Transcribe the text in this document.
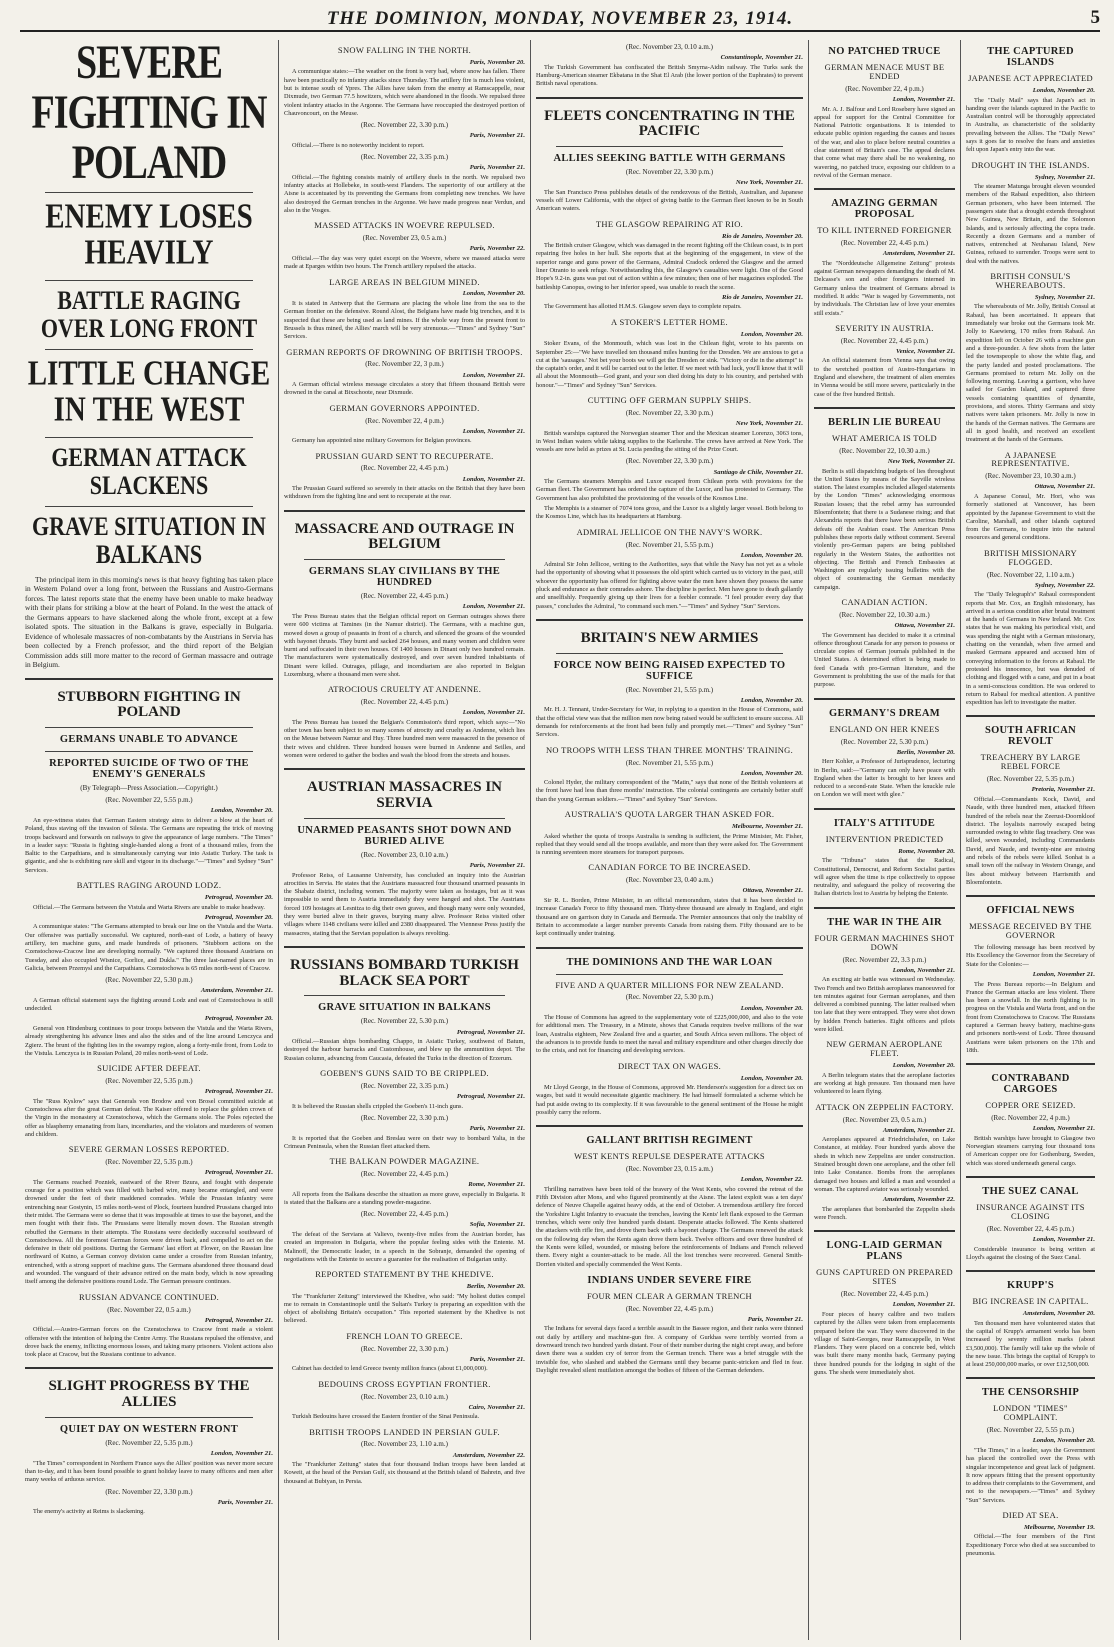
THE DOMINION, MONDAY, NOVEMBER 23, 1914.	5
SEVERE FIGHTING IN POLAND
ENEMY LOSES HEAVILY
BATTLE RAGING OVER LONG FRONT
LITTLE CHANGE IN THE WEST
GERMAN ATTACK SLACKENS
GRAVE SITUATION IN BALKANS

The principal item in this morning's news is that heavy fighting has taken place in Western Poland over a long front, between the Russians and Austro-Germans forces. The latest reports state that the enemy have been unable to make headway with their plans for striking a blow at the heart of Poland. In the west the attack of the Germans appears to have slackened along the whole front, except at a few isolated spots. The situation in the Balkans is grave, especially in Bulgaria. Evidence of wholesale massacres of non-combatants by the Austrians in Servia has been collected by a French professor, and the third report of the Belgian Commission adds still more matter to the record of German massacre and outrage in Belgium.

STUBBORN FIGHTING IN POLAND
GERMANS UNABLE TO ADVANCE
REPORTED SUICIDE OF TWO OF THE ENEMY'S GENERALS
(By Telegraph—Press Association.—Copyright.)
(Rec. November 22, 5.55 p.m.)
London, November 20.

An eye-witness states that German Eastern strategy aims to deliver a blow at the heart of Poland, thus staving off the invasion of Silesia. The Germans are repeating the trick of moving troops backward and forwards on railways to give the appearance of large numbers. "The Times" in a leader says: "Russia is fighting single-handed along a front of a thousand miles, from the Baltic to the Carpathians, and is simultaneously carrying war into Asiatic Turkey. The task is gigantic, and she is exhibiting rare skill and vigour in its discharge."—"Times" and Sydney "Sun" Services.

BATTLES RAGING AROUND LODZ.
Petrograd, November 20.

Official.—The Germans between the Vistula and Warta Rivers are unable to make headway.

Petrograd, November 20.

A communique states: "The Germans attempted to break our line on the Vistula and the Warta. Our offensive was partially successful. We captured, north-east of Lodz, a battery of heavy artillery, ten machine guns, and made hundreds of prisoners. "Stubborn actions on the Czenstochowa-Cracow line are developing normally. "We captured three thousand Austrians on Tuesday, and also occupied Wisnice, Gorlice, and Dukla." The three last-named places are in Galicia, between Przemysl and the Carpathians. Czenstochowa is 65 miles north-west of Cracow.

(Rec. November 22, 5.30 p.m.)
Amsterdam, November 21.

A German official statement says the fighting around Lodz and east of Czenstochowa is still undecided.

Petrograd, November 20.

General von Hindenburg continues to pour troops between the Vistula and the Warta Rivers, already strengthening his advance lines and also the sides and of the line around Lenczyca and Zgierz. The brunt of the fighting lies in the swampy region, along a forty-mile front, from Lodz to the Vistula. Lenczyca is in Russian Poland, 20 miles north-west of Lodz.

SUICIDE AFTER DEFEAT.
(Rec. November 22, 5.35 p.m.)
Petrograd, November 21.

The "Russ Kyslow" says that Generals von Brodow and von Brosel committed suicide at Czenstochowa after the great German defeat. The Kaiser offered to replace the golden crown of the Virgin in the monastery at Czenstochowa, which the Germans stole. The Poles rejected the offer as blasphemy emanating from liars, incendiaries, and the violators and murderers of women and children.

SEVERE GERMAN LOSSES REPORTED.
(Rec. November 22, 5.35 p.m.)
Petrograd, November 21.

The Germans reached Pozniek, eastward of the River Bzura, and fought with desperate courage for a position which was filled with barbed wire, many became entangled, and were drowned under the feet of their maddened comrades. While the Prussian infantry were entrenching near Gostynin, 15 miles north-west of Plock, fourteen hundred Prussians charged into their midst. The Germans were so dense that it was impossible at times to use the bayonet, and the men fought with their fists. The Prussians were literally mown down. The Russian strength rebuffed the Germans in their attempts. The Russians were decidedly successful southward of Czenstochowa. All the foremost German forces were driven back, and compelled to act on the defensive in their old positions. During the Germans' last effort at Flower, on the Russian line northward of Kutno, a German convoy division came under a crossfire from Russian infantry, entrenched, with a strong support of machine guns. The Germans abandoned three thousand dead and wounded. The vanguard of their advance retired on the main body, which is now spreading itself among the defensive positions round Lodz. The German pressure continues.

RUSSIAN ADVANCE CONTINUED.
(Rec. November 22, 0.5 a.m.)
Petrograd, November 21.

Official.—Austro-German forces on the Czenstochowa to Cracow front made a violent offensive with the intention of helping the Centre Army. The Russians repulsed the offensive, and drove back the enemy, inflicting enormous losses, and taking many prisoners. Violent actions also took place at Cracow, but the Russians continue to advance.

SLIGHT PROGRESS BY THE ALLIES
QUIET DAY ON WESTERN FRONT
(Rec. November 22, 5.35 p.m.)
London, November 21.

"The Times" correspondent in Northern France says the Allies' position was never more secure than to-day, and it has been found possible to grant holiday leave to many officers and men after many weeks of arduous service.

(Rec. November 22, 3.30 p.m.)
Paris, November 21.

The enemy's activity at Reims is slackening.

SNOW FALLING IN THE NORTH.
Paris, November 20.

A communique states:—The weather on the front is very bad, where snow has fallen. There have been practically no infantry attacks since Thursday. The artillery fire is much less violent, but is intense south of Ypres. The Allies have taken from the enemy at Ramscappelle, near Dixmude, two German 77.5 howitzers, which were abandoned in the floods. We repulsed three violent infantry attacks in the Argonne. The Germans have reoccupied the destroyed portion of Chauvoncourt, on the Meuse.

(Rec. November 22, 3.30 p.m.)
Paris, November 21.

Official.—There is no noteworthy incident to report.

(Rec. November 22, 3.35 p.m.)
Paris, November 21.

Official.—The fighting consists mainly of artillery duels in the north. We repulsed two infantry attacks at Hollebeke, in south-west Flanders. The superiority of our artillery at the Aisne is accentuated by its preventing the Germans from completing new trenches. We have also destroyed the German trenches in the Argonne. We have made progress near Verdun, and also in the Vosges.

MASSED ATTACKS IN WOEVRE REPULSED.
(Rec. November 23, 0.5 a.m.)
Paris, November 22.

Official.—The day was very quiet except on the Woevre, where we massed attacks were made at Eparges within two hours. The French artillery repulsed the attacks.

LARGE AREAS IN BELGIUM MINED.
London, November 20.

It is stated in Antwerp that the Germans are placing the whole line from the sea to the German frontier on the defensive. Round Alost, the Belgians have made big trenches, and it is suspected that these are being used as land mines. If the whole way from the present front to Brussels is thus mined, the Allies' march will be very strenuous.—"Times" and Sydney "Sun" Services.

GERMAN REPORTS OF DROWNING OF BRITISH TROOPS.
(Rec. November 22, 3 p.m.)
London, November 21.

A German official wireless message circulates a story that fifteen thousand British were drowned in the canal at Bixschoote, near Dixmude.

GERMAN GOVERNORS APPOINTED.
(Rec. November 22, 4 p.m.)
London, November 21.

Germany has appointed nine military Governors for Belgian provinces.

PRUSSIAN GUARD SENT TO RECUPERATE.
(Rec. November 22, 4.45 p.m.)
London, November 21.

The Prussian Guard suffered so severely in their attacks on the British that they have been withdrawn from the fighting line and sent to recuperate at the rear.

MASSACRE AND OUTRAGE IN BELGIUM
GERMANS SLAY CIVILIANS BY THE HUNDRED
(Rec. November 22, 4.45 p.m.)
London, November 21.

The Press Bureau states that the Belgian official report on German outrages shows there were 600 victims at Tamines (in the Namur district). The Germans, with a machine gun, mowed down a group of peasants in front of a church, and silenced the groans of the wounded with bayonet thrusts. They burnt and sacked 264 houses, and many women and children were burnt and suffocated in their own houses. Of 1400 houses in Dinant only two hundred remain. The manufacturers were systematically destroyed, and over seven hundred inhabitants of Dinant were killed. Outrages, pillage, and incendiarism are also reported in Belgian Luxemburg, where a thousand men were shot.

ATROCIOUS CRUELTY AT ANDENNE.
(Rec. November 22, 4.45 p.m.)
London, November 21.

The Press Bureau has issued the Belgian's Commission's third report, which says:—"No other town has been subject to so many scenes of atrocity and cruelty as Andenne, which lies on the Meuse between Namur and Huy. Three hundred men were massacred in the presence of their wives and children. Three hundred houses were burned in Andenne and Seilles, and women were ordered to gather the bodies and wash the blood from the streets and houses.

AUSTRIAN MASSACRES IN SERVIA
UNARMED PEASANTS SHOT DOWN AND BURIED ALIVE
(Rec. November 23, 0.10 a.m.)
Paris, November 21.

Professor Reiss, of Lausanne University, has concluded an inquiry into the Austrian atrocities in Servia. He states that the Austrians massacred four thousand unarmed peasants in the Shabatz district, including women. The majority were taken as hostages, but as it was impossible to send them to Austria immediately they were hanged and shot. The Austrians forced 109 hostages at Lesnitza to dig their own graves, and though many were only wounded, they were buried alive in their graves, burying many alive. Professor Reiss visited other villages where 1148 civilians were killed and 2380 disappeared. The Viennese Press justify the massacres, stating that the Servian population is always revolting.

RUSSIANS BOMBARD TURKISH BLACK SEA PORT
GRAVE SITUATION IN BALKANS
(Rec. November 22, 5.30 p.m.)
Petrograd, November 21.

Official.—Russian ships bombarding Chappo, in Asiatic Turkey, southwest of Batum, destroyed the harbour barracks and Customhouse, and blew up the ammunition depot. The Russian column, advancing from Caucasia, defeated the Turks in the direction of Erzerum.

GOEBEN'S GUNS SAID TO BE CRIPPLED.
(Rec. November 22, 3.35 p.m.)
Petrograd, November 21.

It is believed the Russian shells crippled the Goeben's 11-inch guns.

(Rec. November 22, 3.30 p.m.)
Paris, November 21.

It is reported that the Goeben and Breslau were on their way to bombard Yalta, in the Crimean Peninsula, when the Russian fleet attacked them.

THE BALKAN POWDER MAGAZINE.
(Rec. November 22, 4.45 p.m.)
Rome, November 21.

All reports from the Balkans describe the situation as more grave, especially in Bulgaria. It is stated that the Balkans are a standing powder-magazine.

(Rec. November 22, 4.45 p.m.)
Sofia, November 21.

The defeat of the Servians at Valievo, twenty-five miles from the Austrian border, has created an impression in Bulgaria, where the popular feeling sides with the Entente. M. Malinoff, the Democratic leader, in a speech in the Sobranje, demanded the opening of negotiations with the Entente to secure a guarantee for the realisation of Bulgarian unity.

REPORTED STATEMENT BY THE KHEDIVE.
Berlin, November 20.

The "Frankfurter Zeitung" interviewed the Khedive, who said: "My holiest duties compel me to remain in Constantinople until the Sultan's Turkey is preparing an expedition with the object of abolishing Britain's occupation." This reported statement by the Khedive is not believed.

FRENCH LOAN TO GREECE.
(Rec. November 22, 3.30 p.m.)
Paris, November 21.

Cabinet has decided to lend Greece twenty million francs (about £1,000,000).

BEDOUINS CROSS EGYPTIAN FRONTIER.
(Rec. November 23, 0.10 a.m.)
Cairo, November 21.

Turkish Bedouins have crossed the Eastern frontier of the Sinai Peninsula.

BRITISH TROOPS LANDED IN PERSIAN GULF.
(Rec. November 23, 1.10 a.m.)
Amsterdam, November 22.

The "Frankfurter Zeitung" states that four thousand Indian troops have been landed at Koweit, at the head of the Persian Gulf, six thousand at the British island of Bahrein, and five thousand at Bubiyan, in Persia.

(Rec. November 23, 0.10 a.m.)
Constantinople, November 21.

The Turkish Government has confiscated the British Smyrna-Aidin railway. The Turks sank the Hamburg-American steamer Ekbatana in the Shat El Arab (the lower portion of the Euphrates) to prevent British naval operations.

FLEETS CONCENTRATING IN THE PACIFIC
ALLIES SEEKING BATTLE WITH GERMANS
(Rec. November 22, 3.30 p.m.)
New York, November 21.

The San Francisco Press publishes details of the rendezvous of the British, Australian, and Japanese vessels off Lower California, with the object of giving battle to the German fleet known to be in South American waters.

THE GLASGOW REPAIRING AT RIO.
Rio de Janeiro, November 20.

The British cruiser Glasgow, which was damaged in the recent fighting off the Chilean coast, is in port repairing five holes in her hull. She reports that at the beginning of the engagement, in view of the superior range and guns power of the Germans, Admiral Cradock ordered the Glasgow and the armed liner Otranto to seek refuge. Notwithstanding this, the Glasgow's casualties were light. One of the Good Hope's 9.2-in. guns was put out of action within a few minutes; then one of her magazines exploded. The battleship Canopus, owing to her inferior speed, was unable to reach the scene.

Rio de Janeiro, November 21.

The Government has allotted H.M.S. Glasgow seven days to complete repairs.

A STOKER'S LETTER HOME.
London, November 20.

Stoker Evans, of the Monmouth, which was lost in the Chilean fight, wrote to his parents on September 25:—"We have travelled ten thousand miles hunting for the Dresden. We are anxious to get a cut at the 'sausages.' Not bet your boots we will get the Dresden or sink. "Victory or die in the attempt" is the captain's order, and it will be carried out to the letter. If we meet with bad luck, you'll know that it will all about the Monmouth—God grant, and your son died doing his duty to his country, and perished with honour."—"Times" and Sydney "Sun" Services.

CUTTING OFF GERMAN SUPPLY SHIPS.
(Rec. November 22, 3.30 p.m.)
New York, November 21.

British warships captured the Norwegian steamer Thor and the Mexican steamer Lorenzo, 3063 tons, in West Indian waters while taking supplies to the Karlsruhe. The crews have arrived at New York. The vessels are now held as prizes at St. Lucia pending the sitting of the Prize Court.

(Rec. November 22, 3.30 p.m.)
Santiago de Chile, November 21.

The Germans steamers Memphis and Luxor escaped from Chilean ports with provisions for the German fleet. The Government has ordered the capture of the Luxor, and has protested to Germany. The Government has also prohibited the provisioning of the vessels of the Kosmos Line.

The Memphis is a steamer of 7074 tons gross, and the Luxor is a slightly larger vessel. Both belong to the Kosmos Line, which has its headquarters at Hamburg.

ADMIRAL JELLICOE ON THE NAVY'S WORK.
(Rec. November 21, 5.55 p.m.)
London, November 20.

Admiral Sir John Jellicoe, writing to the Authorities, says that while the Navy has not yet as a whole had the opportunity of showing what it possesses the old spirit which carried us to victory in the past, still whoever the opportunity has offered for fighting above water the men have shown they possess the same pluck and endurance as their comrades ashore. The discipline is perfect. Men have gone to death gallantly and unselfishly. Frequently giving up their lives for a feebler comrade. "I feel prouder every day that passes," concludes the Admiral, "to command such men."—"Times" and Sydney "Sun" Services.

BRITAIN'S NEW ARMIES
FORCE NOW BEING RAISED EXPECTED TO SUFFICE
(Rec. November 21, 5.55 p.m.)
London, November 20.

Mr. H. J. Tennant, Under-Secretary for War, in replying to a question in the House of Commons, said that the official view was that the million men now being raised would be sufficient to ensure success. All demands for reinforcements at the front had been fully and promptly met.—"Times" and Sydney "Sun" Services.

NO TROOPS WITH LESS THAN THREE MONTHS' TRAINING.
(Rec. November 21, 5.55 p.m.)
London, November 20.

Colonel Hyder, the military correspondent of the "Matin," says that none of the British volunteers at the front have had less than three months' instruction. The colonial contingents are certainly better stuff than the young German soldiers.—"Times" and Sydney "Sun" Services.

AUSTRALIA'S QUOTA LARGER THAN ASKED FOR.
Melbourne, November 21.

Asked whether the quota of troops Australia is sending is sufficient, the Prime Minister, Mr. Fisher, replied that they would send all the troops available, and more than they were asked for. The Government is running seventeen more steamers for transport purposes.

CANADIAN FORCE TO BE INCREASED.
(Rec. November 23, 0.40 a.m.)
Ottawa, November 21.

Sir R. L. Borden, Prime Minister, in an official memorandum, states that it has been decided to increase Canada's Force to fifty thousand men. Thirty-three thousand are already in England, and eight thousand are on garrison duty in Canada and Bermuda. The Premier announces that only the inability of Britain to accommodate a larger number prevents Canada from raising them. Fifty thousand are to be kept continually under training.

THE DOMINIONS AND THE WAR LOAN
FIVE AND A QUARTER MILLIONS FOR NEW ZEALAND.
(Rec. November 22, 5.30 p.m.)
London, November 20.

The House of Commons has agreed to the supplementary vote of £225,000,000, and also to the vote for additional men. The Treasury, in a Minute, shows that Canada requires twelve millions of the war loan, Australia eighteen, New Zealand five and a quarter, and South Africa seven millions. The object of the advances is to provide funds to meet the naval and military expenditure and other charges directly due to the crisis, and not for financing and developing services.

DIRECT TAX ON WAGES.
London, November 20.

Mr Lloyd George, in the House of Commons, approved Mr. Henderson's suggestion for a direct tax on wages, but said it would necessitate gigantic machinery. He had himself formulated a scheme which he had put aside owing to its complexity. If it was favourable to the general sentiment of the House he might possibly carry the reform.

GALLANT BRITISH REGIMENT
WEST KENTS REPULSE DESPERATE ATTACKS
(Rec. November 23, 0.15 a.m.)
London, November 22.

Thrilling narratives have been told of the bravery of the West Kents, who covered the retreat of the Fifth Division after Mons, and who figured prominently at the Aisne. The latest exploit was a ten days' defence of Neuve Chapelle against heavy odds, at the end of October. A tremendous artillery fire forced the Yorkshire Light Infantry to evacuate the trenches, leaving the Kents' left flank exposed to the German trenches, which were only five hundred yards distant. Desperate attacks followed. The Kents shattered the attackers with rifle fire, and drove them back with a bayonet charge. The Germans renewed the attack on the following day when the Kents again drove them back. Twelve officers and over three hundred of the Kents were killed, wounded, or missing before the reinforcements of Indians and French relieved them. Every night a counter-attack to be made. All the lost trenches were recovered. General Smith-Dorrien visited and specially commended the West Kents.

INDIANS UNDER SEVERE FIRE
FOUR MEN CLEAR A GERMAN TRENCH
(Rec. November 22, 4.45 p.m.)
Paris, November 21.

The Indians for several days faced a terrible assault in the Bassee region, and their ranks were thinned out daily by artillery and machine-gun fire. A company of Gurkhas were terribly worried from a downward trench two hundred yards distant. Four of their number during the night crept away, and before dawn there was a sudden cry of terror from the German trench. There was a brief struggle with the invisible foe, who slashed and stabbed the Germans until they became panic-stricken and fled in fear. Daylight revealed silent mutilation amongst the bodies of fifteen of the German defenders.

NO PATCHED TRUCE
GERMAN MENACE MUST BE ENDED
(Rec. November 22, 4 p.m.)
London, November 21.

Mr. A. J. Balfour and Lord Rosebery have signed an appeal for support for the Central Committee for National Patriotic organisations. It is intended to educate public opinion regarding the causes and issues of the war, and also to place before neutral countries a clear statement of Britain's case. The appeal declares that come what may there shall be no weakening, no wavering, no patched truce, exposing our children to a revival of the German menace.

AMAZING GERMAN PROPOSAL
TO KILL INTERNED FOREIGNER
(Rec. November 22, 4.45 p.m.)
Amsterdam, November 21.

The "Norddeutsche Allgemeine Zeitung" protests against German newspapers demanding the death of M. Delcasse's son and other foreigners interned in Germany unless the treatment of Germans abroad is modified. It adds: "War is waged by Governments, not by individuals. The Christian law of love your enemies still exists."

SEVERITY IN AUSTRIA.
(Rec. November 22, 4.45 p.m.)
Venice, November 21.

An official statement from Vienna says that owing to the wretched position of Austro-Hungarians in England and elsewhere, the treatment of alien enemies in Vienna would be still more severe, particularly in the case of the five hundred British.

BERLIN LIE BUREAU
WHAT AMERICA IS TOLD
(Rec. November 22, 10.30 a.m.)
New York, November 21.

Berlin is still dispatching budgets of lies throughout the United States by means of the Sayville wireless station. The latest examples included alleged statements by the London "Times" acknowledging enormous Russian losses; that the rebel army has surrounded Bloemfontein; that there is a Sudanese rising; and that Alexandria reports that there have been serious British defeats off the Arabian coast. The American Press publishes these reports daily without comment. Several violently pro-German papers are being published regularly in the Western States, the authorities not objecting. The British and French Embassies at Washington are regularly issuing bulletins with the object of counteracting the German mendacity campaign.

CANADIAN ACTION.
(Rec. November 22, 10.30 a.m.)
Ottawa, November 21.

The Government has decided to make it a criminal offence throughout Canada for any person to possess or circulate copies of German journals published in the United States. A determined effort is being made to feed Canada with pro-German literature, and the Government is prohibiting the use of the mails for that purpose.

GERMANY'S DREAM
ENGLAND ON HER KNEES
(Rec. November 22, 5.30 p.m.)
Berlin, November 20.

Herr Kohler, a Professor of Jurisprudence, lecturing in Berlin, said:—"Germany can only have peace with England when the latter is brought to her knees and reduced to a second-rate State. When the knuckle rule on London we will meet with glee."

ITALY'S ATTITUDE
INTERVENTION PREDICTED
Rome, November 20.

The "Tribuna" states that the Radical, Constitutional, Democrat, and Reform Socialist parties will agree when the time is ripe collectively to oppose neutrality, and safeguard the policy of recovering the Italian districts lost to Austria by helping the Entente.

THE WAR IN THE AIR
FOUR GERMAN MACHINES SHOT DOWN
(Rec. November 22, 3.3 p.m.)
London, November 21.

An exciting air battle was witnessed on Wednesday. Two French and two British aeroplanes manoeuvred for ten minutes against four German aeroplanes, and then delivered a combined punning. The latter realised when too late that they were entrapped. They were shot down by hidden French batteries. Eight officers and pilots were killed.

NEW GERMAN AEROPLANE FLEET.
London, November 20.

A Berlin telegram states that the aeroplane factories are working at high pressure. Ten thousand men have volunteered to learn flying.

ATTACK ON ZEPPELIN FACTORY.
(Rec. November 23, 0.5 a.m.)
Amsterdam, November 21.

Aeroplanes appeared at Friedrichshafen, on Lake Constance, at midday. Four hundred yards above the sheds in which new Zeppelins are under construction. Strained brought down one aeroplane, and the other fell into Lake Constance. Bombs from the aeroplanes damaged two houses and killed a man and wounded a woman. The captured aviator was seriously wounded.

Amsterdam, November 22.

The aeroplanes that bombarded the Zeppelin sheds were French.

LONG-LAID GERMAN PLANS
GUNS CAPTURED ON PREPARED SITES
(Rec. November 22, 4.45 p.m.)
London, November 21.

Four pieces of heavy calibre and two trailers captured by the Allies were taken from emplacements prepared before the war. They were discovered in the village of Saint-Georges, near Ramscappelle, in West Flanders. They were placed on a concrete bed, which was built there many months back, Germany paying three hundred pounds for the lodging in sight of the guns. The sheds were immediately shot.

THE CAPTURED ISLANDS
JAPANESE ACT APPRECIATED
London, November 20.

The "Daily Mail" says that Japan's act in handing over the islands captured in the Pacific to Australian control will be thoroughly appreciated in Australia, as characteristic of the solidarity prevailing between the Allies. The "Daily News" says it goes far to resolve the fears and anxieties felt upon Japan's entry into the war.

DROUGHT IN THE ISLANDS.
Sydney, November 21.

The steamer Matunga brought eleven wounded members of the Rabaul expedition, also thirteen German prisoners, who have been interned. The passengers state that a drought extends throughout New Guinea, New Britain, and the Solomon Islands, and is seriously affecting the copra trade. Recently a dozen Germans and a number of natives, entrenched at Neuhanau Island, New Guinea, refused to surrender. Troops were sent to deal with the natives.

BRITISH CONSUL'S WHEREABOUTS.
Sydney, November 21.

The whereabouts of Mr. Jolly, British Consul at Rabaul, has been ascertained. It appears that immediately war broke out the Germans took Mr. Jolly to Kaewieng, 170 miles from Rabaul. An expedition left on October 26 with a machine gun and a three-pounder. A few shots from the latter led the townspeople to show the white flag, and the party landed and posted proclamations. The Germans promised to return Mr. Jolly on the following morning. Leaving a garrison, who have sailed for Garden Island, and captured three vessels containing quantities of dynamite, provisions, and stores. Thirty Germans and sixty natives were taken prisoners. Mr. Jolly is now in the hands of the German natives. The Germans are all in good health, and received an excellent treatment at the hands of the Germans.

A JAPANESE REPRESENTATIVE.
(Rec. November 23, 10.30 a.m.)
Ottawa, November 21.

A Japanese Consul, Mr. Hori, who was formerly stationed at Vancouver, has been appointed by the Japanese Government to visit the Caroline, Marshall, and other islands captured from the Germans, to inquire into the natural resources and general conditions.

BRITISH MISSIONARY FLOGGED.
(Rec. November 22, 1.10 a.m.)
Sydney, November 22.

The "Daily Telegraph's" Rabaul correspondent reports that Mr. Cox, an English missionary, has arrived in a serious condition after brutal treatment at the hands of Germans in New Ireland. Mr. Cox states that he was making his periodical visit, and was spending the night with a German missionary, chatting on the verandah, when five armed and masked Germans appeared and accused him of conveying information to the forces at Rabaul. He protested his innocence, but was denuded of clothing and flogged with a cane, and put in a boat in a semi-conscious condition. He was ordered to return to Rabaul for medical attention. A punitive expedition has left to investigate the matter.

SOUTH AFRICAN REVOLT
TREACHERY BY LARGE REBEL FORCE
(Rec. November 22, 5.35 p.m.)
Pretoria, November 21.

Official.—Commandants Kock, David, and Naude, with three hundred men, attacked fifteen hundred of the rebels near the Zeerust-Doornkloof district. The loyalists narrowly escaped being surrounded owing to white flag treachery. One was killed, seven wounded, including Commandants David, and Naude, and twenty-nine are missing and rebels of the rebels were killed. Sonhat is a small town off the railway in Western Orange, and lies about midway between Harrismith and Bloemfontein.

OFFICIAL NEWS
MESSAGE RECEIVED BY THE GOVERNOR

The following message has been received by His Excellency the Governor from the Secretary of State for the Colonies:—

London, November 21.

The Press Bureau reports:—In Belgium and France the German attacks are less violent. There has been a snowfall. In the north fighting is in progress on the Vistula and Warta front, and on the front from Czenstochowa to Cracow. The Russians captured a German heavy battery, machine-guns and prisoners north-west of Lodz. Three thousand Austrians were taken prisoners on the 17th and 18th.

CONTRABAND CARGOES
COPPER ORE SEIZED.
(Rec. November 22, 4 p.m.)
London, November 21.

British warships have brought to Glasgow two Norwegian steamers carrying four thousand tons of American copper ore for Gothenburg, Sweden, which was stored underneath general cargo.

THE SUEZ CANAL
INSURANCE AGAINST ITS CLOSING
(Rec. November 22, 4.45 p.m.)
London, November 21.

Considerable insurance is being written at Lloyd's against the closing of the Suez Canal.

KRUPP'S
BIG INCREASE IN CAPITAL.
Amsterdam, November 20.

Ten thousand men have volunteered states that the capital of Krupp's armament works has been increased by seventy million marks (about £3,500,000). The family will take up the whole of the new issue. This brings the capital of Krupp's to at least 250,000,000 marks, or over £12,500,000.

THE CENSORSHIP
LONDON "TIMES" COMPLAINT.
(Rec. November 22, 5.55 p.m.)
London, November 20.

"The Times," in a leader, says the Government has placed the controlled over the Press with singular incompetence and great lack of judgment. It now appears fitting that the present opportunity to address their complaints to the Government, and not to the newspapers.—"Times" and Sydney "Sun" Services.

DIED AT SEA.
Melbourne, November 19.

Official.—The four members of the First Expeditionary Force who died at sea succumbed to pneumonia.
